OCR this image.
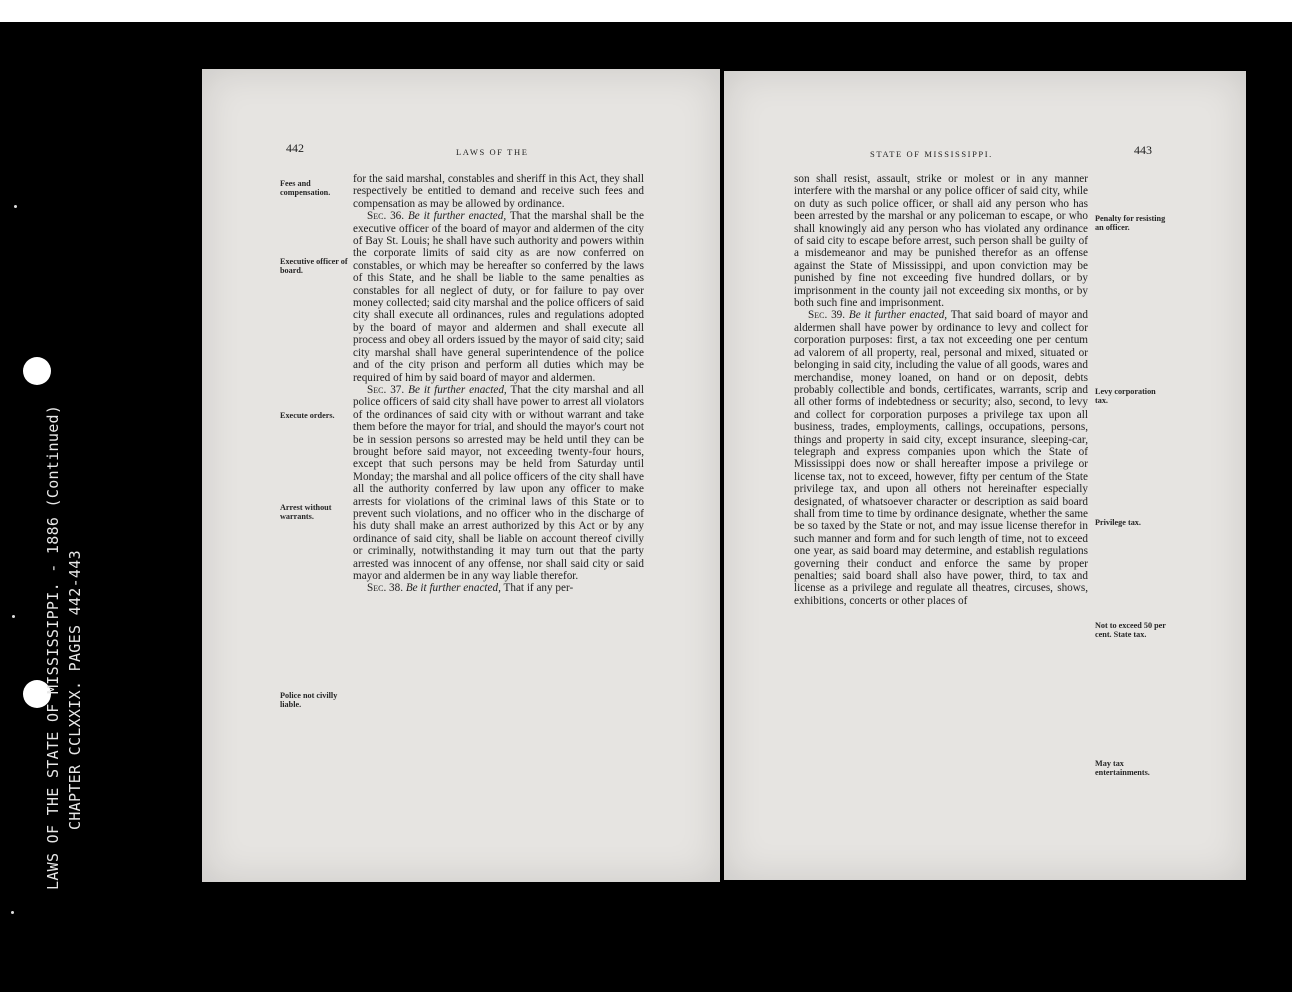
LAWS OF THE STATE OF MISSISSIPPI. - 1886 (Continued) CHAPTER CCLXXIX. PAGES 442-443
442	LAWS OF THE
Fees and compensation.
Executive officer of board.
Execute orders.
Arrest without warrants.
Police not civilly liable.

for the said marshal, constables and sheriff in this Act, they shall respectively be entitled to demand and receive such fees and compensation as may be allowed by ordinance.

Sec. 36. Be it further enacted, That the marshal shall be the executive officer of the board of mayor and aldermen of the city of Bay St. Louis; he shall have such authority and powers within the corporate limits of said city as are now conferred on constables, or which may be hereafter so conferred by the laws of this State, and he shall be liable to the same penalties as constables for all neglect of duty, or for failure to pay over money collected; said city marshal and the police officers of said city shall execute all ordinances, rules and regulations adopted by the board of mayor and aldermen and shall execute all process and obey all orders issued by the mayor of said city; said city marshal shall have general superintendence of the police and of the city prison and perform all duties which may be required of him by said board of mayor and aldermen.

Sec. 37. Be it further enacted, That the city marshal and all police officers of said city shall have power to arrest all violators of the ordinances of said city with or without warrant and take them before the mayor for trial, and should the mayor's court not be in session persons so arrested may be held until they can be brought before said mayor, not exceeding twenty-four hours, except that such persons may be held from Saturday until Monday; the marshal and all police officers of the city shall have all the authority conferred by law upon any officer to make arrests for violations of the criminal laws of this State or to prevent such violations, and no officer who in the discharge of his duty shall make an arrest authorized by this Act or by any ordinance of said city, shall be liable on account thereof civilly or criminally, notwithstanding it may turn out that the party arrested was innocent of any offense, nor shall said city or said mayor and aldermen be in any way liable therefor.

Sec. 38. Be it further enacted, That if any per-

STATE OF MISSISSIPPI.	443
Penalty for resisting an officer.
Levy corporation tax.
Privilege tax.
Not to exceed 50 per cent. State tax.
May tax entertainments.

son shall resist, assault, strike or molest or in any manner interfere with the marshal or any police officer of said city, while on duty as such police officer, or shall aid any person who has been arrested by the marshal or any policeman to escape, or who shall knowingly aid any person who has violated any ordinance of said city to escape before arrest, such person shall be guilty of a misdemeanor and may be punished therefor as an offense against the State of Mississippi, and upon conviction may be punished by fine not exceeding five hundred dollars, or by imprisonment in the county jail not exceeding six months, or by both such fine and imprisonment.

Sec. 39. Be it further enacted, That said board of mayor and aldermen shall have power by ordinance to levy and collect for corporation purposes: first, a tax not exceeding one per centum ad valorem of all property, real, personal and mixed, situated or belonging in said city, including the value of all goods, wares and merchandise, money loaned, on hand or on deposit, debts probably collectible and bonds, certificates, warrants, scrip and all other forms of indebtedness or security; also, second, to levy and collect for corporation purposes a privilege tax upon all business, trades, employments, callings, occupations, persons, things and property in said city, except insurance, sleeping-car, telegraph and express companies upon which the State of Mississippi does now or shall hereafter impose a privilege or license tax, not to exceed, however, fifty per centum of the State privilege tax, and upon all others not hereinafter especially designated, of whatsoever character or description as said board shall from time to time by ordinance designate, whether the same be so taxed by the State or not, and may issue license therefor in such manner and form and for such length of time, not to exceed one year, as said board may determine, and establish regulations governing their conduct and enforce the same by proper penalties; said board shall also have power, third, to tax and license as a privilege and regulate all theatres, circuses, shows, exhibitions, concerts or other places of
